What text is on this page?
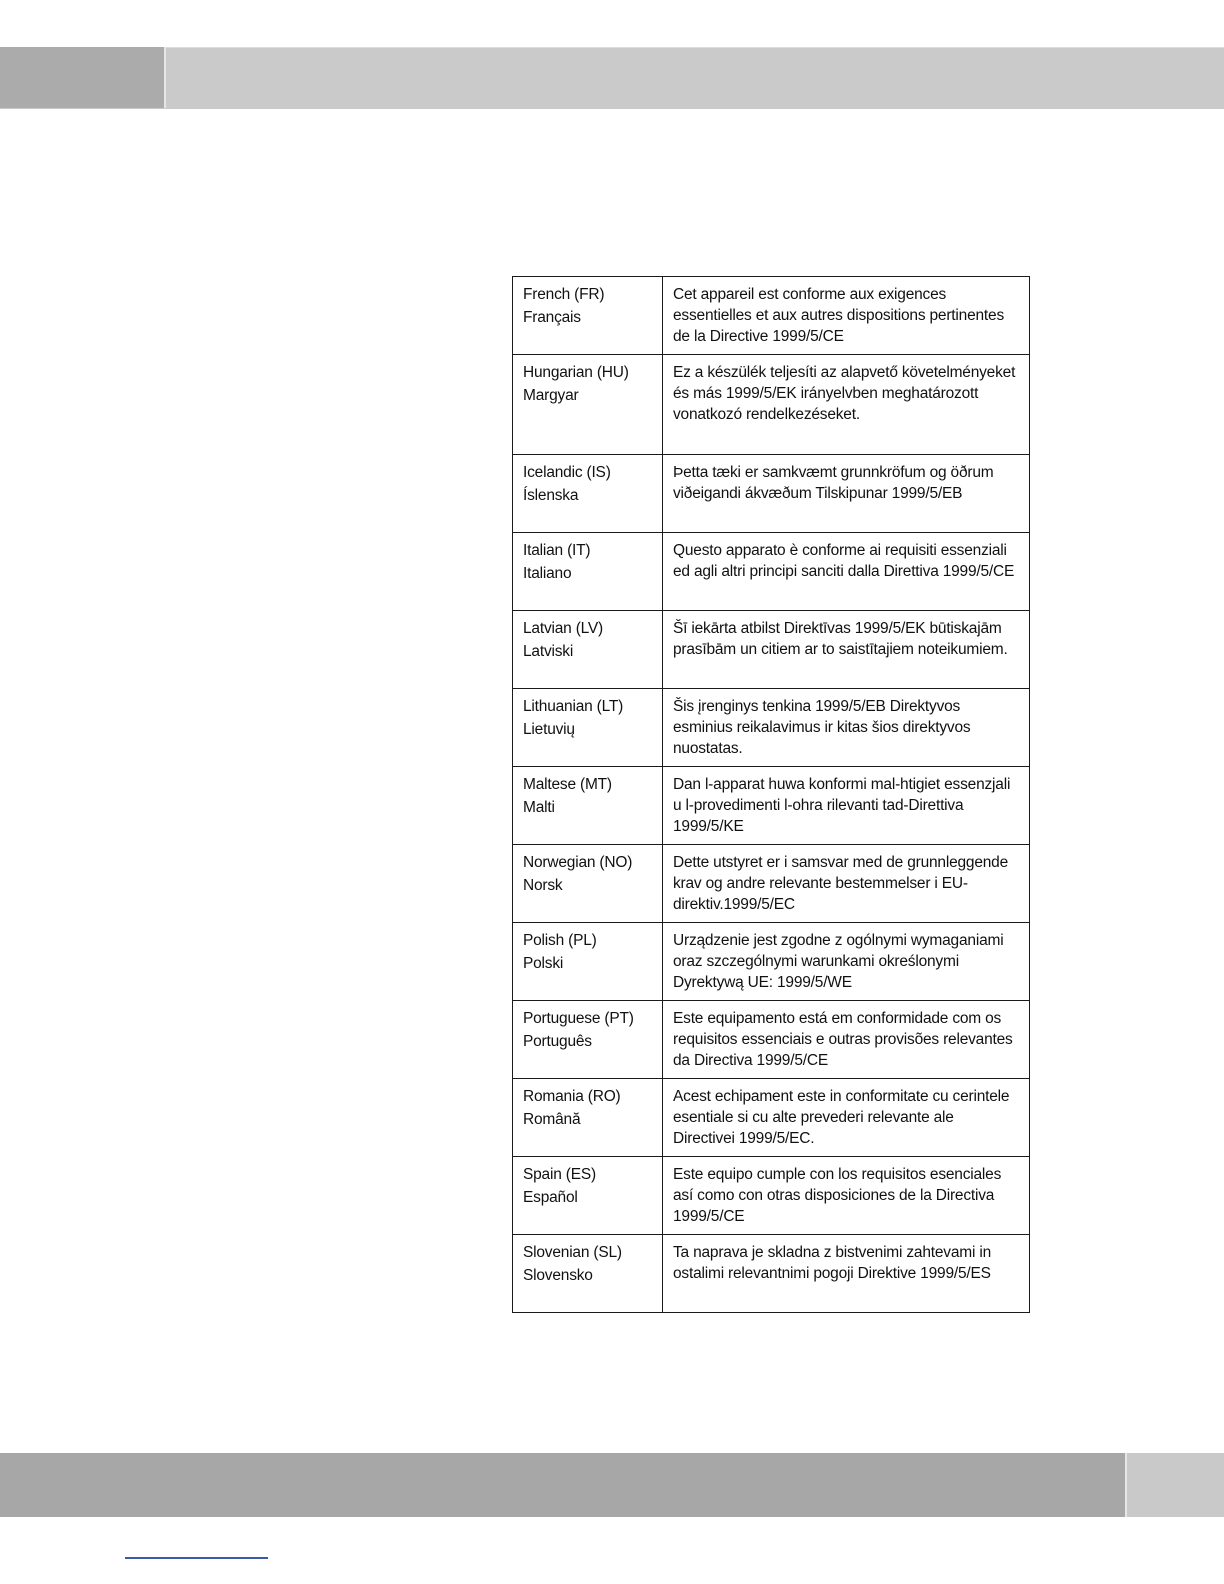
French (FR)
Français	Cet appareil est conforme aux exigences essentielles et aux autres dispositions pertinentes de la Directive 1999/5/CE

Hungarian (HU)
Margyar	Ez a készülék teljesíti az alapvető követelményeket és más 1999/5/EK irányelvben meghatározott vonatkozó rendelkezéseket.

Icelandic (IS)
Íslenska	Þetta tæki er samkvæmt grunnkröfum og öðrum viðeigandi ákvæðum Tilskipunar 1999/5/EB

Italian (IT)
Italiano	Questo apparato è conforme ai requisiti essenziali ed agli altri principi sanciti dalla Direttiva 1999/5/CE

Latvian (LV)
Latviski	Šī iekārta atbilst Direktīvas 1999/5/EK būtiskajām prasībām un citiem ar to saistītajiem noteikumiem.

Lithuanian (LT)
Lietuvių	Šis įrenginys tenkina 1999/5/EB Direktyvos esminius reikalavimus ir kitas šios direktyvos nuostatas.

Maltese (MT)
Malti	Dan l-apparat huwa konformi mal-htigiet essenzjali u l-provedimenti l-ohra rilevanti tad-Direttiva 1999/5/KE

Norwegian (NO)
Norsk	Dette utstyret er i samsvar med de grunnleggende krav og andre relevante bestemmelser i EU-direktiv.1999/5/EC

Polish (PL)
Polski	Urządzenie jest zgodne z ogólnymi wymaganiami oraz szczególnymi warunkami określonymi Dyrektywą UE: 1999/5/WE

Portuguese (PT)
Português	Este equipamento está em conformidade com os requisitos essenciais e outras provisões relevantes da Directiva 1999/5/CE

Romania (RO)
Română	Acest echipament este in conformitate cu cerintele esentiale si cu alte prevederi relevante ale Directivei 1999/5/EC.

Spain (ES)
Español	Este equipo cumple con los requisitos esenciales así como con otras disposiciones de la Directiva 1999/5/CE

Slovenian (SL)
Slovensko	Ta naprava je skladna z bistvenimi zahtevami in ostalimi relevantnimi pogoji Direktive 1999/5/ES
